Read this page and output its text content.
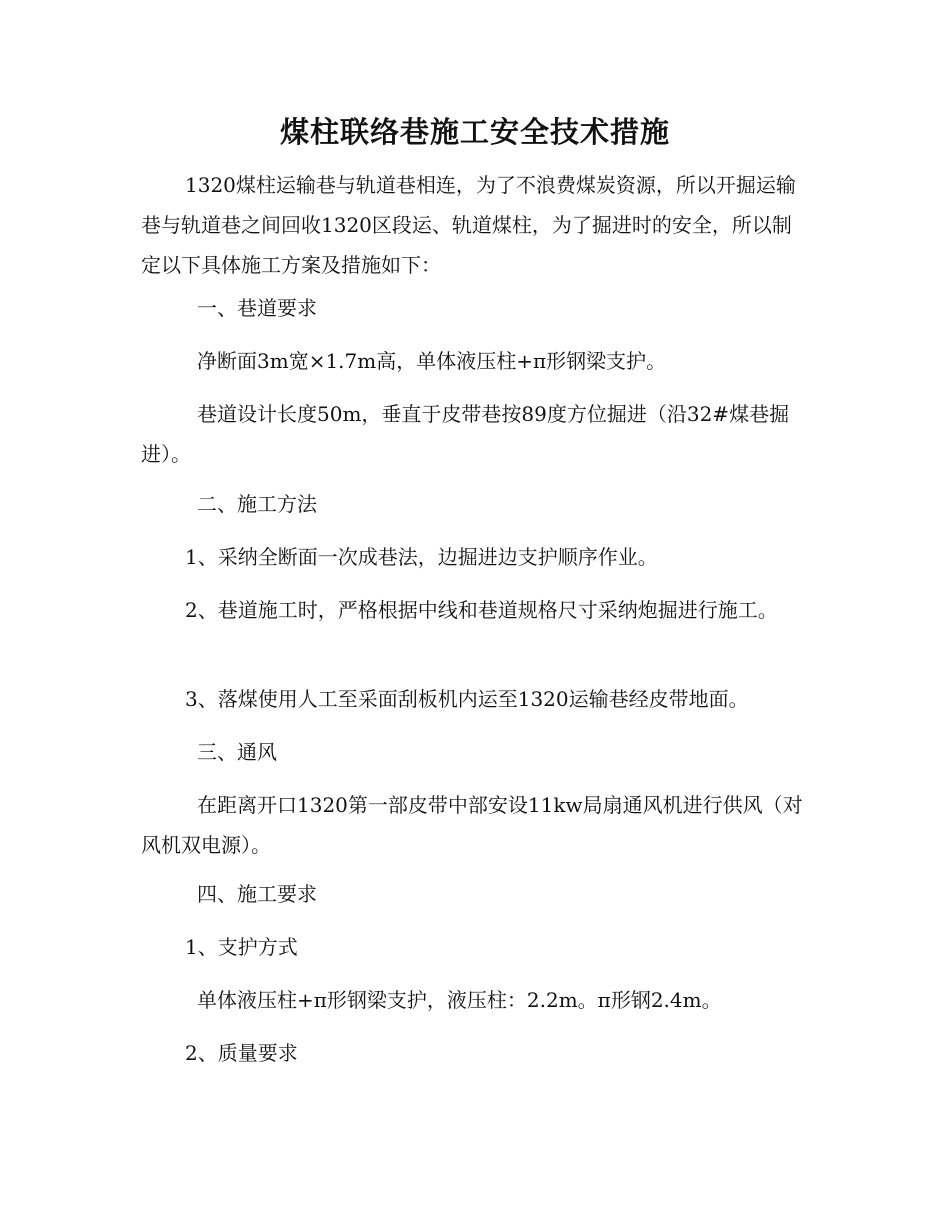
煤柱联络巷施工安全技术措施

1320煤柱运输巷与轨道巷相连，为了不浪费煤炭资源，所以开掘运输巷与轨道巷之间回收1320区段运、轨道煤柱，为了掘进时的安全，所以制定以下具体施工方案及措施如下：

一、巷道要求

净断面3m宽×1.7m高，单体液压柱+π形钢梁支护。

巷道设计长度50m，垂直于皮带巷按89度方位掘进（沿32#煤巷掘进）。

二、施工方法

1、采纳全断面一次成巷法，边掘进边支护顺序作业。

2、巷道施工时，严格根据中线和巷道规格尺寸采纳炮掘进行施工。

3、落煤使用人工至采面刮板机内运至1320运输巷经皮带地面。

三、通风

在距离开口1320第一部皮带中部安设11kw局扇通风机进行供风（对风机双电源）。

四、施工要求

1、支护方式

单体液压柱+π形钢梁支护，液压柱：2.2m。π形钢2.4m。

2、质量要求
